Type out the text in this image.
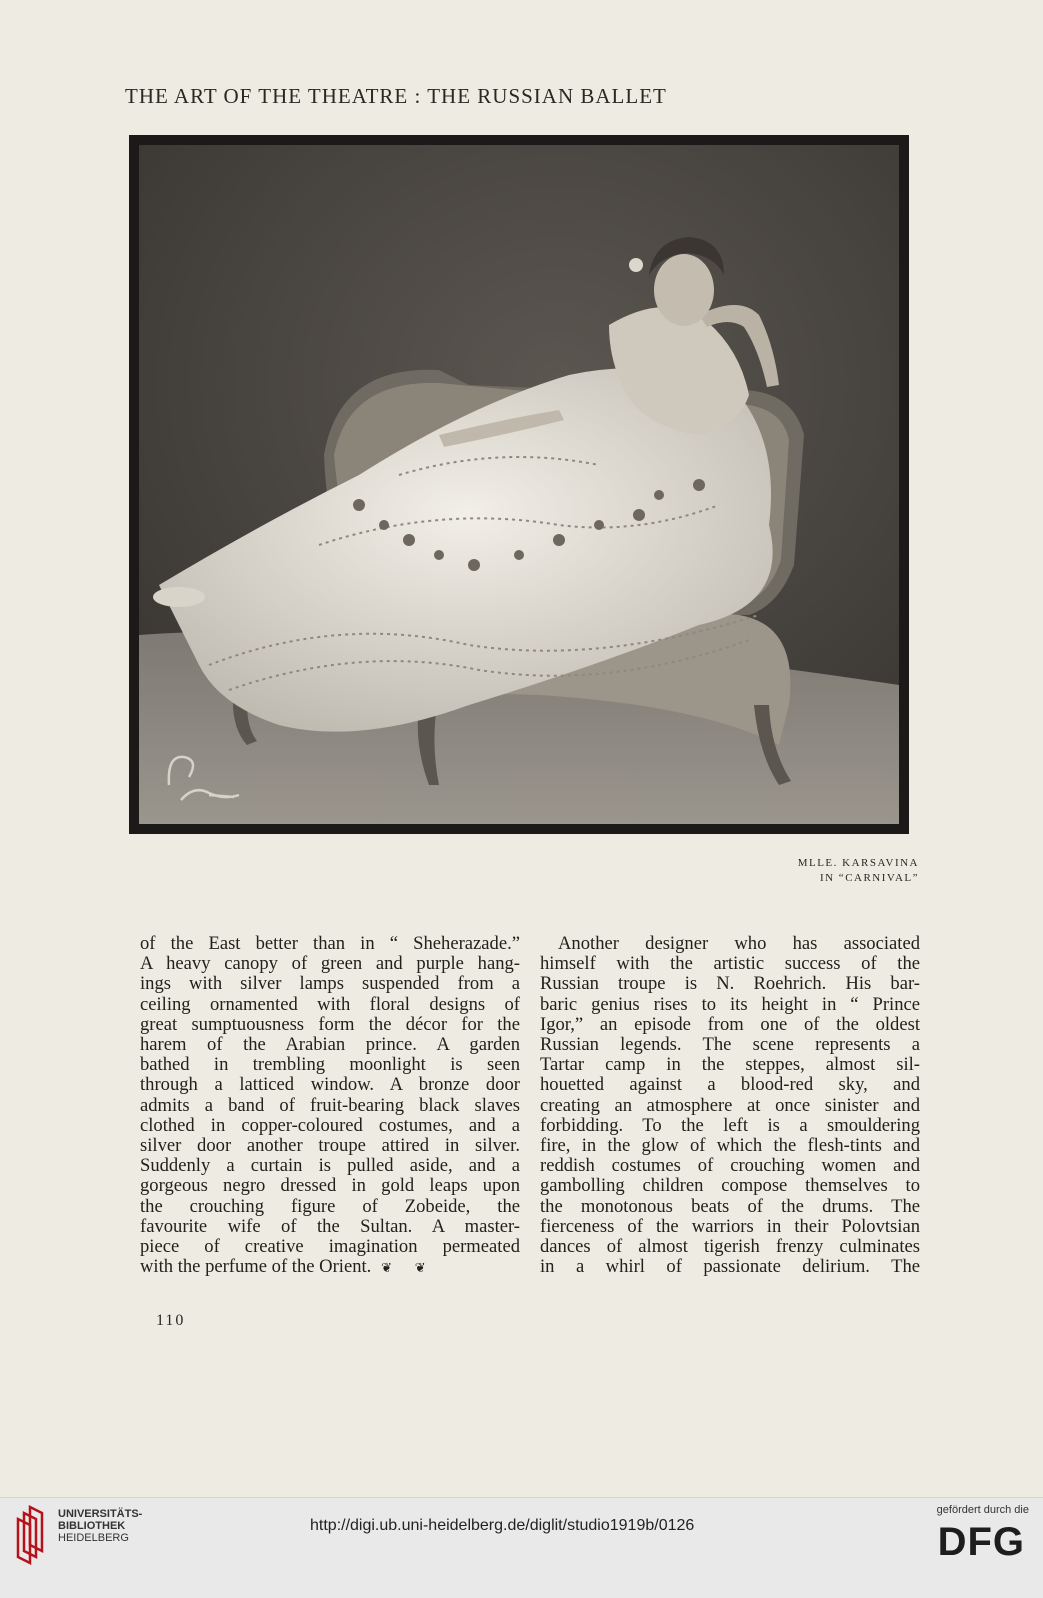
THE ART OF THE THEATRE : THE RUSSIAN BALLET
MLLE. KARSAVINA
IN “CARNIVAL”
of the East better than in “ Sheherazade.”
A heavy canopy of green and purple hang-
ings with silver lamps suspended from a
ceiling ornamented with floral designs of
great sumptuousness form the décor for the
harem of the Arabian prince. A garden
bathed in trembling moonlight is seen
through a latticed window. A bronze door
admits a band of fruit-bearing black slaves
clothed in copper-coloured costumes, and a
silver door another troupe attired in silver.
Suddenly a curtain is pulled aside, and a
gorgeous negro dressed in gold leaps upon
the crouching figure of Zobeide, the
favourite wife of the Sultan. A master-
piece of creative imagination permeated
with the perfume of the Orient.   ❦       ❦
Another designer who has associated
himself with the artistic success of the
Russian troupe is N. Roehrich. His bar-
baric genius rises to its height in “ Prince
Igor,” an episode from one of the oldest
Russian legends. The scene represents a
Tartar camp in the steppes, almost sil-
houetted against a blood-red sky, and
creating an atmosphere at once sinister and
forbidding. To the left is a smouldering
fire, in the glow of which the flesh-tints and
reddish costumes of crouching women and
gambolling children compose themselves to
the monotonous beats of the drums. The
fierceness of the warriors in their Polovtsian
dances of almost tigerish frenzy culminates
in a whirl of passionate delirium. The
110
UNIVERSITÄTS-
BIBLIOTHEK
HEIDELBERG
http://digi.ub.uni-heidelberg.de/diglit/studio1919b/0126
gefördert durch die
DFG
